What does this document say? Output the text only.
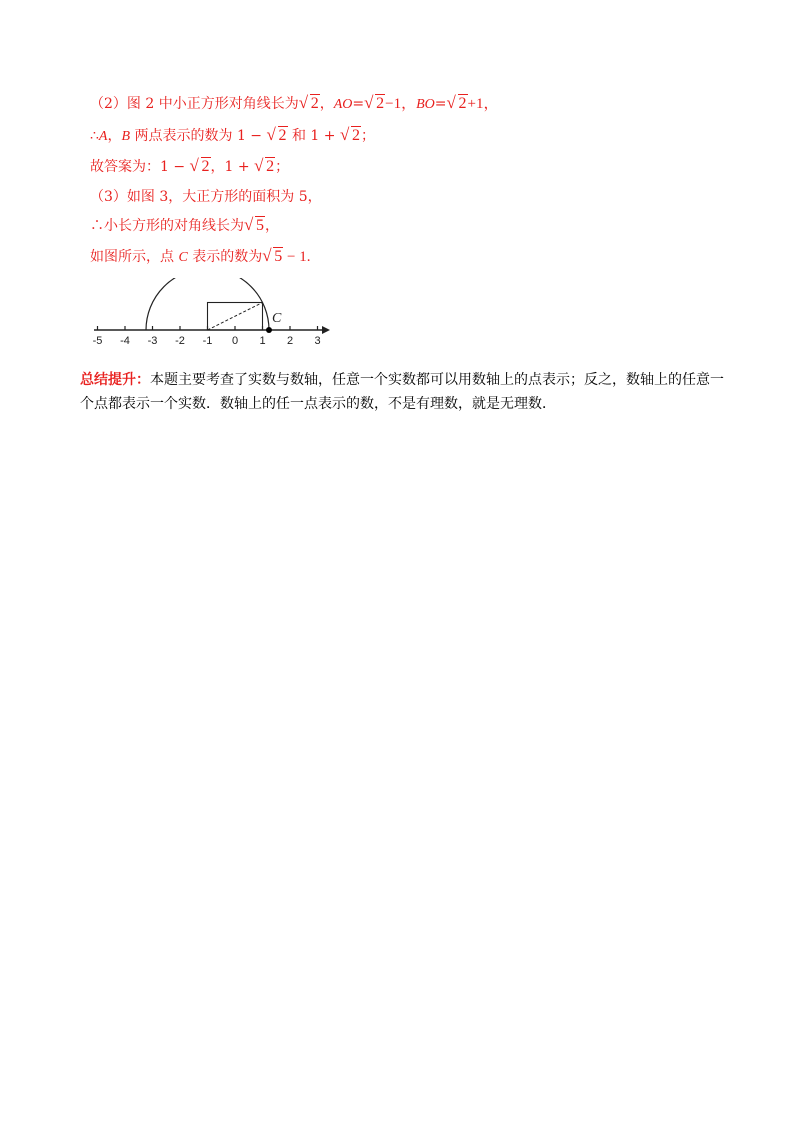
（2）图 2 中小正方形对角线长为 √ 2，AO= √ 2−1，BO= √ 2+1，
∴A，B 两点表示的数为 1 − √ 2 和 1 + √ 2；
故答案为：1 − √ 2，1 + √ 2；
（3）如图 3，大正方形的面积为 5，
∴小长方形的对角线长为 √ 5，
如图所示，点 C 表示的数为 √ 5 − 1.
-5 -4 -3 -2 -1 0 1 2 3
C
总结提升：本题主要考查了实数与数轴，任意一个实数都可以用数轴上的点表示；反之，数轴上的任意一个点都表示一个实数．数轴上的任一点表示的数，不是有理数，就是无理数．
